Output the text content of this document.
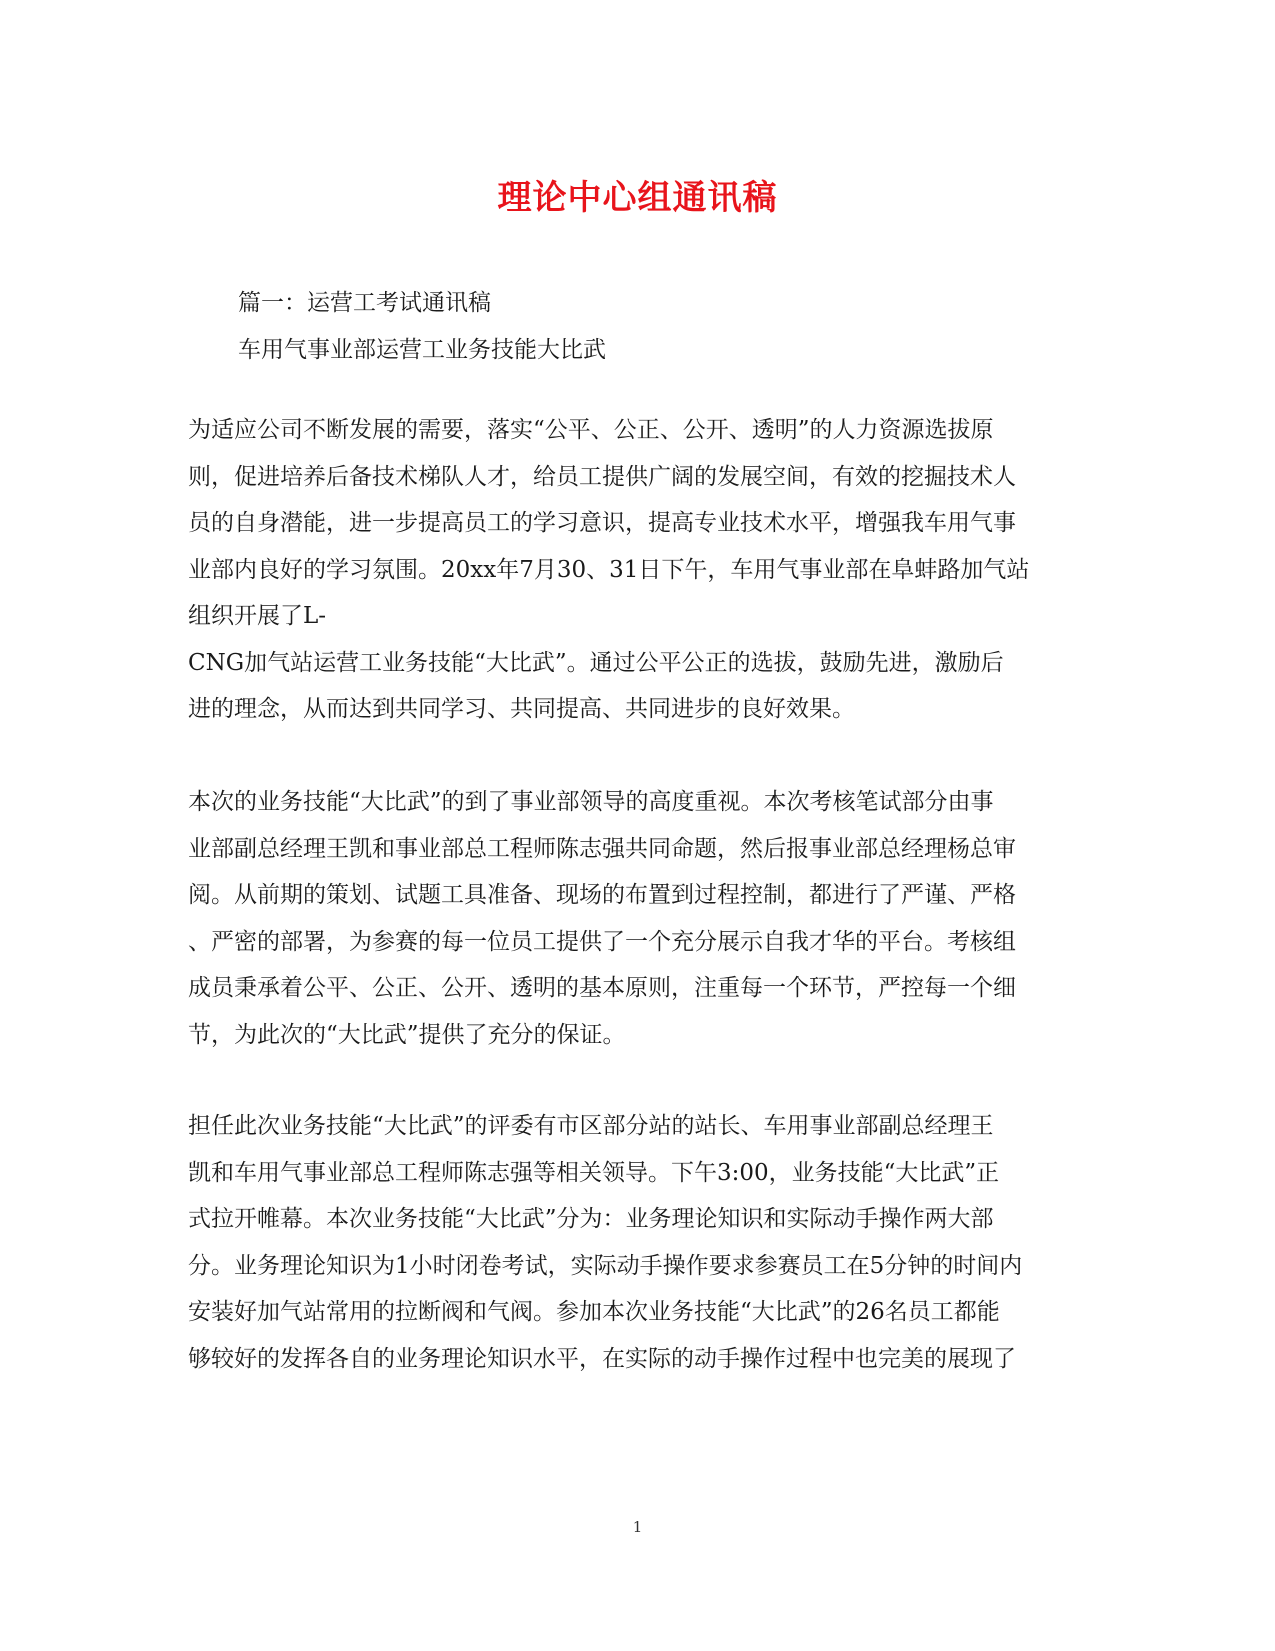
理论中心组通讯稿

篇一：运营工考试通讯稿

车用气事业部运营工业务技能大比武

为适应公司不断发展的需要，落实“公平、公正、公开、透明”的人力资源选拔原

则，促进培养后备技术梯队人才，给员工提供广阔的发展空间，有效的挖掘技术人

员的自身潜能，进一步提高员工的学习意识，提高专业技术水平，增强我车用气事

业部内良好的学习氛围。20xx年7月30、31日下午，车用气事业部在阜蚌路加气站

组织开展了L-

CNG加气站运营工业务技能“大比武”。通过公平公正的选拔，鼓励先进，激励后

进的理念，从而达到共同学习、共同提高、共同进步的良好效果。

本次的业务技能“大比武”的到了事业部领导的高度重视。本次考核笔试部分由事

业部副总经理王凯和事业部总工程师陈志强共同命题，然后报事业部总经理杨总审

阅。从前期的策划、试题工具准备、现场的布置到过程控制，都进行了严谨、严格

、严密的部署，为参赛的每一位员工提供了一个充分展示自我才华的平台。考核组

成员秉承着公平、公正、公开、透明的基本原则，注重每一个环节，严控每一个细

节，为此次的“大比武”提供了充分的保证。

担任此次业务技能“大比武”的评委有市区部分站的站长、车用事业部副总经理王

凯和车用气事业部总工程师陈志强等相关领导。下午3:00，业务技能“大比武”正

式拉开帷幕。本次业务技能“大比武”分为：业务理论知识和实际动手操作两大部

分。业务理论知识为1小时闭卷考试，实际动手操作要求参赛员工在5分钟的时间内

安装好加气站常用的拉断阀和气阀。参加本次业务技能“大比武”的26名员工都能

够较好的发挥各自的业务理论知识水平，在实际的动手操作过程中也完美的展现了

1
